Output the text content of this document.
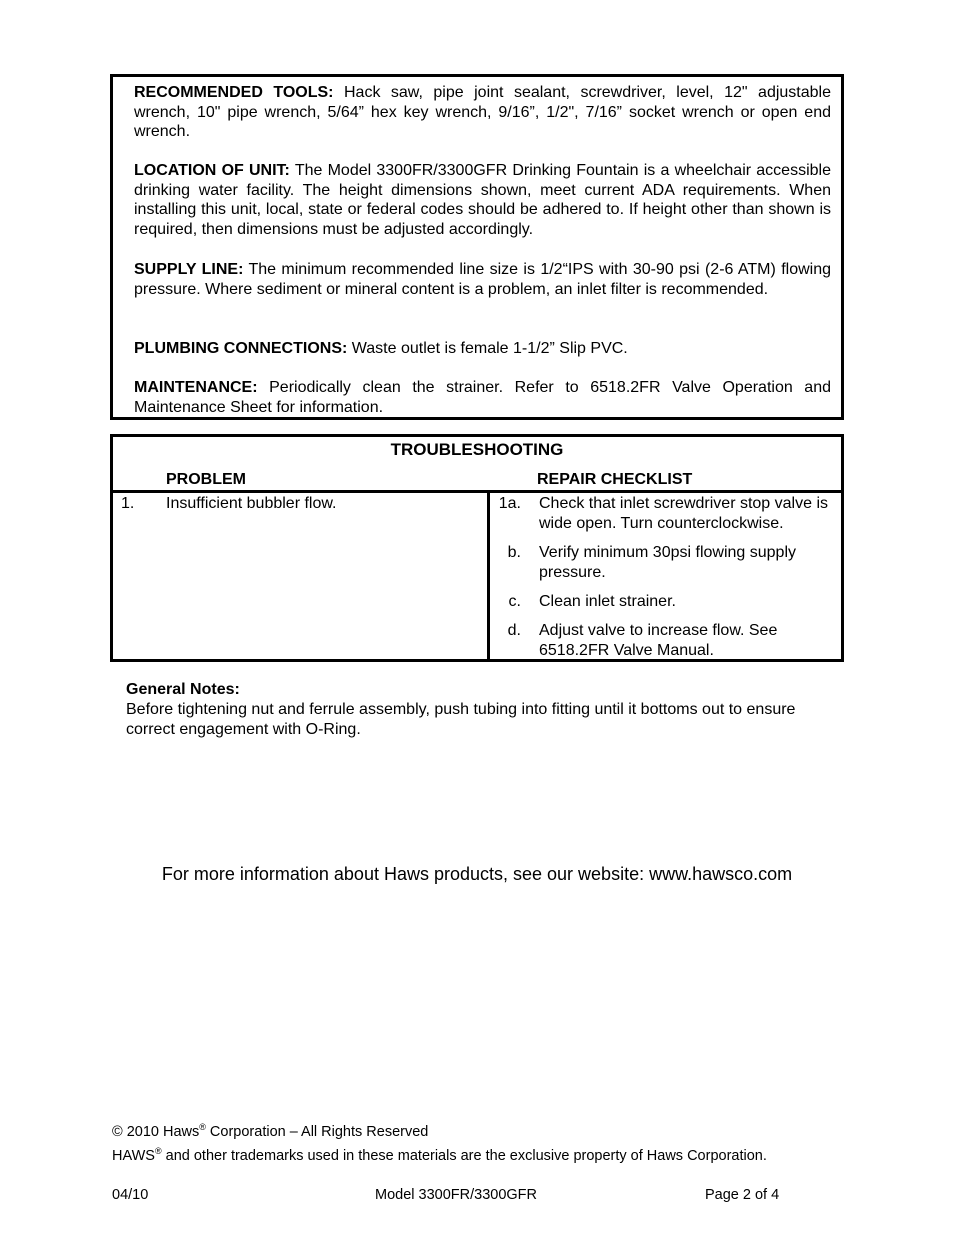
RECOMMENDED TOOLS: Hack saw, pipe joint sealant, screwdriver, level, 12" adjustable wrench, 10" pipe wrench, 5/64” hex key wrench, 9/16”, 1/2", 7/16” socket wrench or open end wrench.

LOCATION OF UNIT: The Model 3300FR/3300GFR Drinking Fountain is a wheelchair accessible drinking water facility. The height dimensions shown, meet current ADA requirements. When installing this unit, local, state or federal codes should be adhered to. If height other than shown is required, then dimensions must be adjusted accordingly.

SUPPLY LINE: The minimum recommended line size is 1/2“IPS with 30-90 psi (2-6 ATM) flowing pressure. Where sediment or mineral content is a problem, an inlet filter is recommended.

PLUMBING CONNECTIONS: Waste outlet is female 1-1/2” Slip PVC.

MAINTENANCE: Periodically clean the strainer. Refer to 6518.2FR Valve Operation and Maintenance Sheet for information.

TROUBLESHOOTING
PROBLEM	REPAIR CHECKLIST
1. Insufficient bubbler flow.	1a. Check that inlet screwdriver stop valve is wide open. Turn counterclockwise.
b. Verify minimum 30psi flowing supply pressure.
c. Clean inlet strainer.
d. Adjust valve to increase flow. See 6518.2FR Valve Manual.
General Notes:
Before tightening nut and ferrule assembly, push tubing into fitting until it bottoms out to ensure correct engagement with O-Ring.
For more information about Haws products, see our website: www.hawsco.com
© 2010 Haws® Corporation – All Rights Reserved
HAWS® and other trademarks used in these materials are the exclusive property of Haws Corporation.
04/10	Model 3300FR/3300GFR	Page 2 of 4
